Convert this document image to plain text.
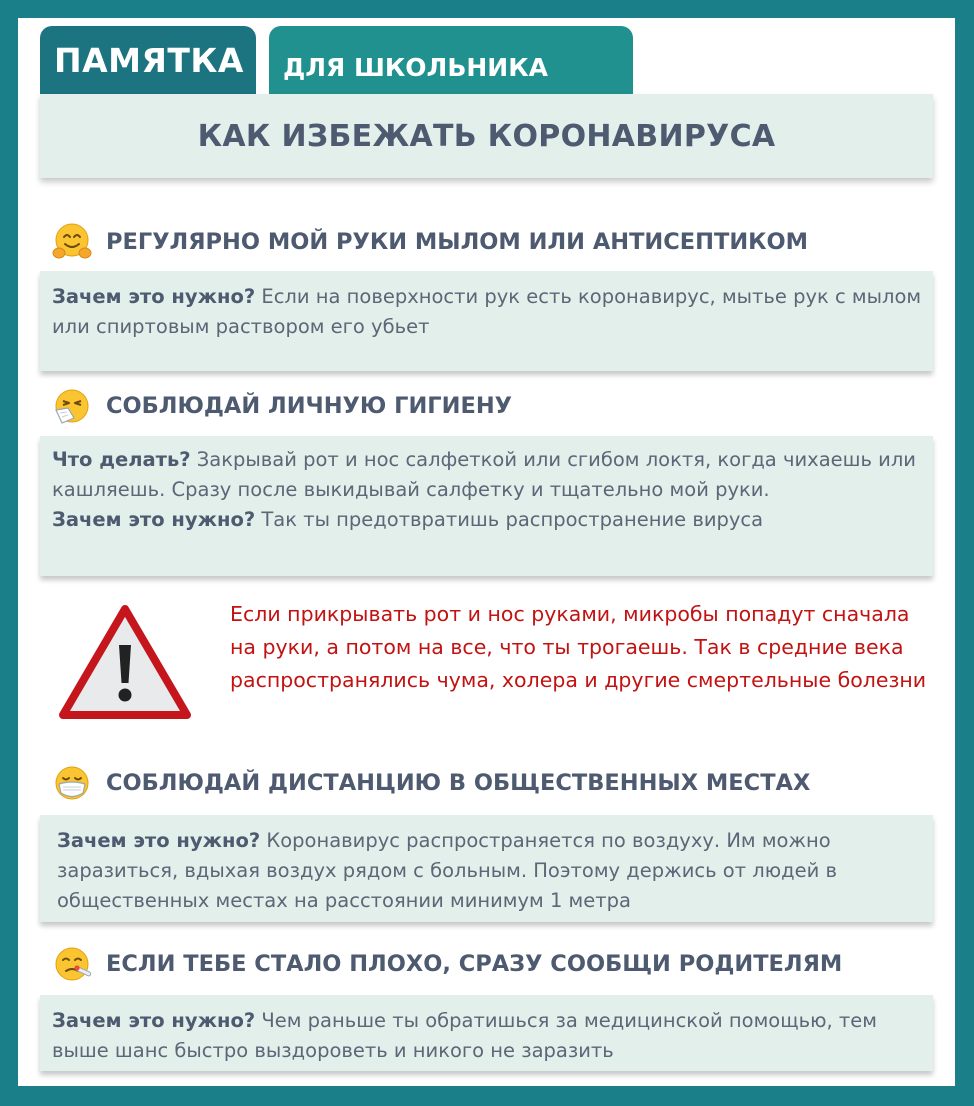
ПАМЯТКА ДЛЯ ШКОЛЬНИКА
КАК ИЗБЕЖАТЬ КОРОНАВИРУСА
РЕГУЛЯРНО МОЙ РУКИ МЫЛОМ ИЛИ АНТИСЕПТИКОМ

Зачем это нужно? Если на поверхности рук есть коронавирус, мытье рук с мылом или спиртовым раствором его убьет

СОБЛЮДАЙ ЛИЧНУЮ ГИГИЕНУ

Что делать? Закрывай рот и нос салфеткой или сгибом локтя, когда чихаешь или кашляешь. Сразу после выкидывай салфетку и тщательно мой руки.

Зачем это нужно? Так ты предотвратишь распространение вируса

Если прикрывать рот и нос руками, микробы попадут сначала на руки, а потом на все, что ты трогаешь. Так в средние века распространялись чума, холера и другие смертельные болезни
СОБЛЮДАЙ ДИСТАНЦИЮ В ОБЩЕСТВЕННЫХ МЕСТАХ

Зачем это нужно? Коронавирус распространяется по воздуху. Им можно заразиться, вдыхая воздух рядом с больным. Поэтому держись от людей в общественных местах на расстоянии минимум 1 метра

ЕСЛИ ТЕБЕ СТАЛО ПЛОХО, СРАЗУ СООБЩИ РОДИТЕЛЯМ

Зачем это нужно? Чем раньше ты обратишься за медицинской помощью, тем выше шанс быстро выздороветь и никого не заразить
